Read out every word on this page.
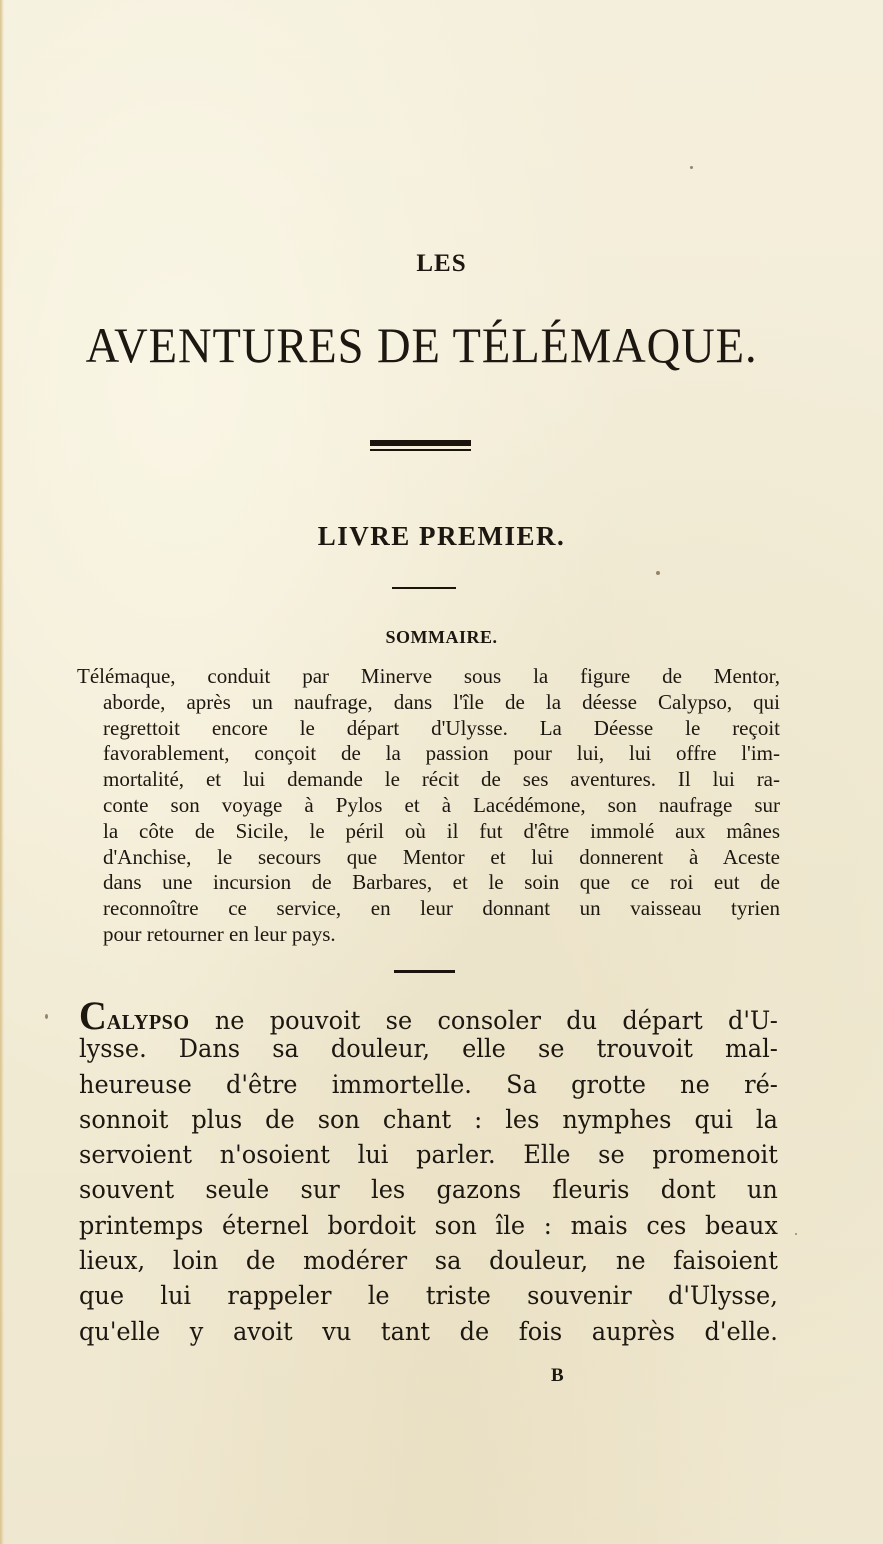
LES
AVENTURES DE TÉLÉMAQUE.
LIVRE PREMIER.
SOMMAIRE.
Télémaque, conduit par Minerve sous la figure de Mentor,
aborde, après un naufrage, dans l'île de la déesse Calypso, qui
regrettoit encore le départ d'Ulysse. La Déesse le reçoit
favorablement, conçoit de la passion pour lui, lui offre l'im-
mortalité, et lui demande le récit de ses aventures. Il lui ra-
conte son voyage à Pylos et à Lacédémone, son naufrage sur
la côte de Sicile, le péril où il fut d'être immolé aux mânes
d'Anchise, le secours que Mentor et lui donnerent à Aceste
dans une incursion de Barbares, et le soin que ce roi eut de
reconnoître ce service, en leur donnant un vaisseau tyrien
pour retourner en leur pays.
CALYPSO ne pouvoit se consoler du départ d'U-
lysse. Dans sa douleur, elle se trouvoit mal-
heureuse d'être immortelle. Sa grotte ne ré-
sonnoit plus de son chant : les nymphes qui la
servoient n'osoient lui parler. Elle se promenoit
souvent seule sur les gazons fleuris dont un
printemps éternel bordoit son île : mais ces beaux
lieux, loin de modérer sa douleur, ne faisoient
que lui rappeler le triste souvenir d'Ulysse,
qu'elle y avoit vu tant de fois auprès d'elle.
B
